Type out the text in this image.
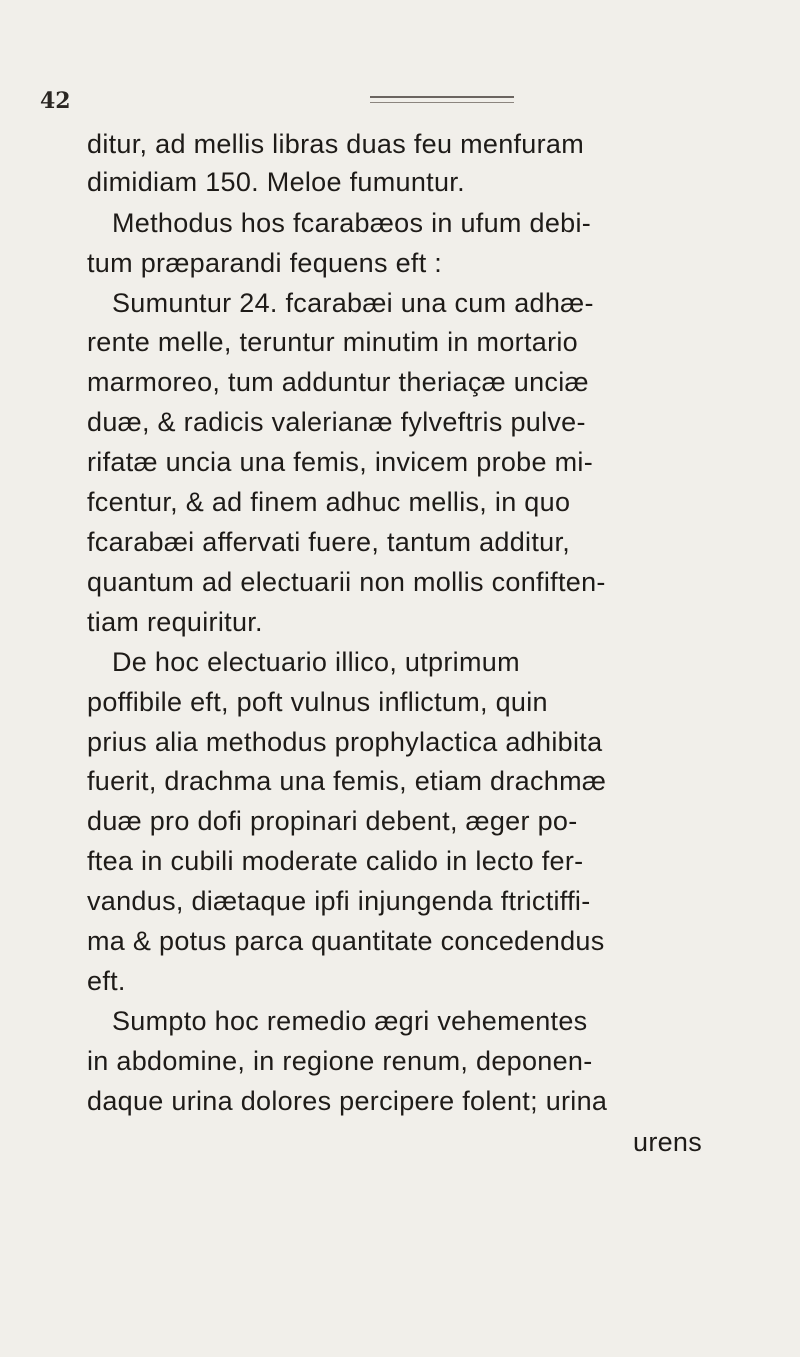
42
ditur, ad mellis libras duas feu menfuram
dimidiam 150. Meloe fumuntur.
Methodus hos fcarabæos in ufum debi-
tum præparandi fequens eft :
Sumuntur 24. fcarabæi una cum adhæ-
rente melle, teruntur minutim in mortario
marmoreo, tum adduntur theriaçæ unciæ
duæ, & radicis valerianæ fylveftris pulve-
rifatæ uncia una femis, invicem probe mi-
fcentur, & ad finem adhuc mellis, in quo
fcarabæi affervati fuere, tantum additur,
quantum ad electuarii non mollis confiften-
tiam requiritur.
De hoc electuario illico, utprimum
poffibile eft, poft vulnus inflictum, quin
prius alia methodus prophylactica adhibita
fuerit, drachma una femis, etiam drachmæ
duæ pro dofi propinari debent, æger po-
ftea in cubili moderate calido in lecto fer-
vandus, diætaque ipfi injungenda ftrictiffi-
ma & potus parca quantitate concedendus
eft.
Sumpto hoc remedio ægri vehementes
in abdomine, in regione renum, deponen-
daque urina dolores percipere folent; urina
urens
